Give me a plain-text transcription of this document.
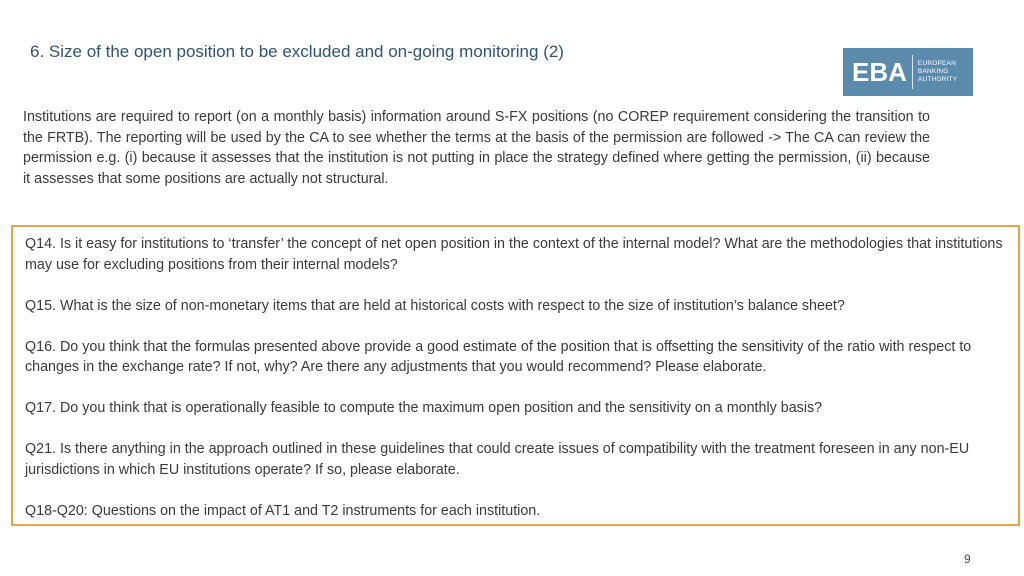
6. Size of the open position to be excluded and on-going monitoring (2)
EBA EUROPEAN
BANKING
AUTHORITY
Institutions are required to report (on a monthly basis) information around S-FX positions (no COREP requirement considering the transition to the FRTB). The reporting will be used by the CA to see whether the terms at the basis of the permission are followed -> The CA can review the permission e.g. (i) because it assesses that the institution is not putting in place the strategy defined where getting the permission, (ii) because it assesses that some positions are actually not structural.
Q14. Is it easy for institutions to ‘transfer’ the concept of net open position in the context of the internal model? What are the methodologies that institutions may use for excluding positions from their internal models?
Q15. What is the size of non-monetary items that are held at historical costs with respect to the size of institution’s balance sheet?
Q16. Do you think that the formulas presented above provide a good estimate of the position that is offsetting the sensitivity of the ratio with respect to changes in the exchange rate? If not, why? Are there any adjustments that you would recommend? Please elaborate.
Q17. Do you think that is operationally feasible to compute the maximum open position and the sensitivity on a monthly basis?
Q21. Is there anything in the approach outlined in these guidelines that could create issues of compatibility with the treatment foreseen in any non-EU jurisdictions in which EU institutions operate? If so, please elaborate.
Q18-Q20: Questions on the impact of AT1 and T2 instruments for each institution.
9
